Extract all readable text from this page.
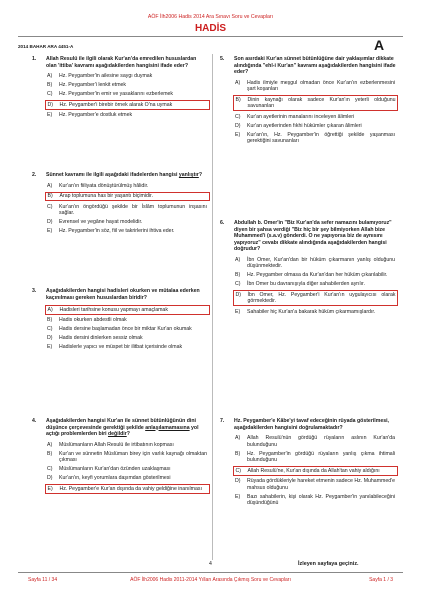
AÖF İlh2006 Hadis 2014 Ara Sınavı Soru ve Cevapları
HADİS
2014 BAHAR ARA 4451-A	A
1. Allah Resulü ile ilgili olarak Kur'an'da emredilen hususlardan olan 'ittiba' kavramı aşağıdakilerden hangisini ifade eder?
A)	Hz. Peygamber'in ailesine saygı duymak
B)	Hz. Peygamber'i lenkit etmek
C)	Hz. Peygamber'in emir ve yasaklarını ezberlemek
D)	Hz. Peygamber'i birebir örnek alarak O'na uymak
E)	Hz. Peygamber'e dostluk etmek
2. Sünnet kavramı ile ilgili aşağıdaki ifadelerden hangisi yanlıştır?
A)	Kur'an'ın fiiliyata dönüştürülmüş hâlidir.
B)	Arap toplumuna has bir yaşantı biçimidir.
C)	Kur'an'ın öngördüğü şekilde bir İslâm toplumunun inşasını sağlar.
D)	Evrensel ve yegâne hayat modelidir.
E)	Hz. Peygamber'in söz, fiil ve takrirlerini ihtiva eder.
3. Aşağıdakilerden hangisi hadisleri okurken ve mütalaa ederken kaçınılması gereken hususlardan biridir?
A)	Hadisleri tarihsine konusu yapmayı amaçlamak
B)	Hadis okurken abdestli olmak
C)	Hadis dersine başlamadan önce bir miktar Kur'an okumak
D)	Hadis dersini dinlerken sessiz olmak
E)	Hadislerle yapıcı ve müspet bir ilitbat içerisinde olmak
4. Aşağıdakilerden hangisi Kur'an ile sünnet bütünlüğünün dini düşünce çerçevesinde gerektiği şekilde anlaşılamamasına yol açtığı problemlerden biri değildir?
A)	Müslümanların Allah Resulü ile irtibatının kopması
B)	Kur'an ve sünnetin Müslüman birey için varlık kaynağı olmaktan çıkması
C)	Müslümanların Kur'an'dan özünden uzaklaşması
D)	Kur'an'ın, keyfi yorumlara daşımdan gösterilmesi
E)	Hz. Peygamber'e Kur'an dışında da vahiy geldiğine inanılması
5. Son asırdaki Kur'an sünnet bütünlüğüne dair yaklaşımlar dikkate alındığında "ehl-i Kur'an" kavramı aşağıdakilerden hangisini ifade eder?
A)	Hadis ilmiyle meşgul olmadan önce Kur'an'ın ezberlenmesini şart koşanları
B)	Dinin kaynağı olarak sadece Kur'an'ın yeterli olduğunu savunanları
C)	Kur'an ayetlerinin manalarını inceleyen âlimleri
D)	Kur'an ayetlerinden fıkhi hükümler çıkaran âlimleri
E)	Kur'an'ın, Hz. Peygamber'in öğrettiği şekilde yaşanması gerektiğini savunanları
6. Abdullah b. Omer'in "Biz Kur'an'da sefer namazını bulamıyoruz" diyen bir şahsa verdiği "Biz hiç bir şey bilmiyorken Allah bize Muhammed'i (s.a.v) gönderdi. O ne yapıyorsa biz de aynısını yapıyoruz" cevabı dikkate alındığında aşağıdakilerden hangisi doğrudur?
A)	İbn Omer, Kur'an'dan bir hüküm çıkarmanın yanlış olduğunu düşünmektedir.
B)	Hz. Peygamber olmasa da Kur'an'dan her hüküm çıkarılabilir.
C)	İbn Omer bu davranışıyla diğer sahabilerden ayrılır.
D)	İbn Omer, Hz. Peygamber'i Kur'an'ın uygulayıcısı olarak görmektedir.
E)	Sahabiler hiç Kur'an'a bakarak hüküm çıkarmamışlardır.
7. Hz. Peygamber'e Kâbe'yi tavaf edeceğinin rüyada gösterilmesi, aşağıdakilerden hangisini doğrulamaktadır?
A)	Allah Resulü'nün gördüğü rüyaların aslının Kur'an'da bulunduğunu
B)	Hz. Peygamber'in gördüğü rüyaların yanlış çıkma ihtimali bulunduğunu
C)	Allah Resulü'ne, Kur'an dışında da Allah'tan vahiy aldığını
D)	Rüyada gördükleriyle hareket etmenin sadece Hz. Muhammed'e mahsus olduğunu
E)	Bazı sahabilerin, kişi olarak Hz. Peygamber'in yanılabileceğini düşündüğünü
4	İzleyen sayfaya geçiniz.
Sayfa 11 / 34	AÖF İlh2006 Hadis 2011-2014 Yılları Arasında Çıkmış Soru ve Cevapları	Sayfa 1 / 3
